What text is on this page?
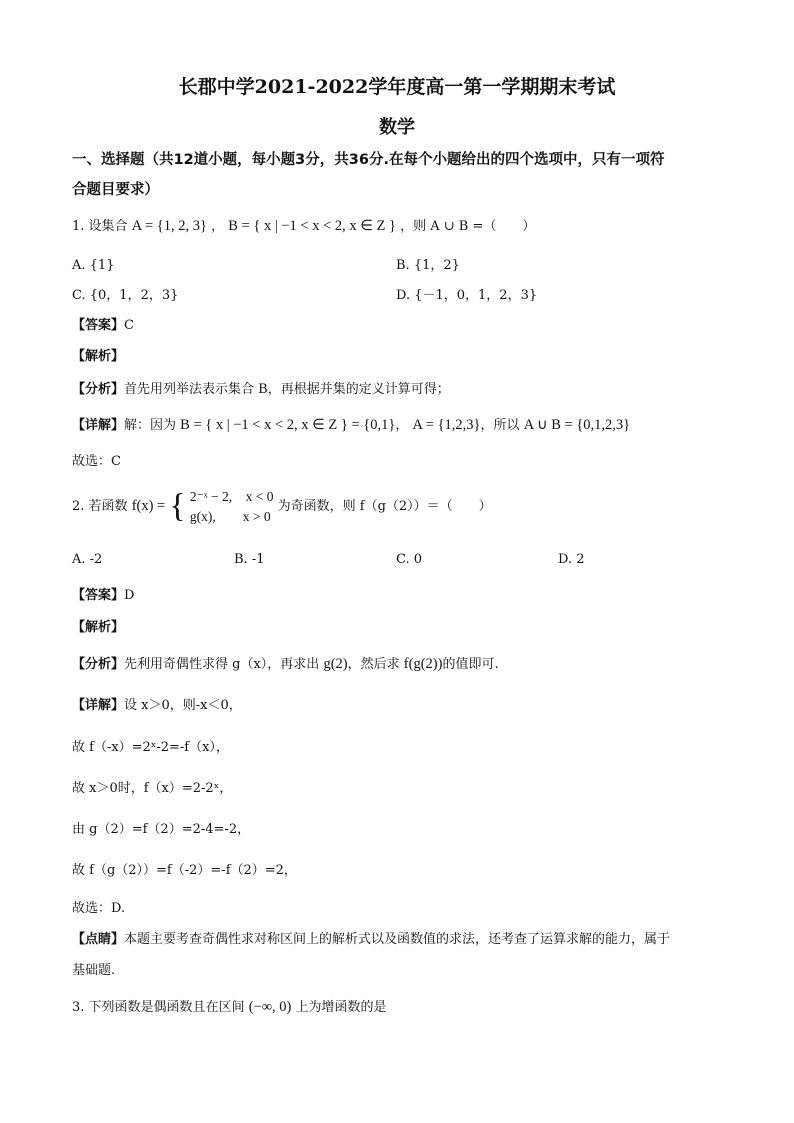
长郡中学2021-2022学年度高一第一学期期末考试
数学
一、选择题（共12道小题，每小题3分，共36分.在每个小题给出的四个选项中，只有一项符
合题目要求）
1. 设集合 A = {1, 2, 3} ， B = { x | −1 < x < 2, x ∈ Z } ，则 A ∪ B =（　　）
A. {1}	B. {1，2}
C. {0，1，2，3}	D. {－1，0，1，2，3}
【答案】C
【解析】
【分析】首先用列举法表示集合 B，再根据并集的定义计算可得；
【详解】解：因为 B = { x | −1 < x < 2, x ∈ Z } = {0,1}， A = {1,2,3}，所以 A ∪ B = {0,1,2,3}
故选：C
2. 若函数 f(x) = { 2⁻ˣ − 2,　x < 0
g(x),　　x > 0
为奇函数，则 f（g（2））＝（　　）
A. -2	B. -1	C. 0	D. 2
【答案】D
【解析】
【分析】先利用奇偶性求得 g（x），再求出 g(2)，然后求 f(g(2))的值即可.
【详解】设 x＞0，则-x＜0，
故 f（-x）=2ˣ-2=-f（x），
故 x＞0时，f（x）=2-2ˣ，
由 g（2）=f（2）=2-4=-2，
故 f（g（2））=f（-2）=-f（2）=2，
故选：D.
【点睛】本题主要考查奇偶性求对称区间上的解析式以及函数值的求法，还考查了运算求解的能力，属于
基础题.
3. 下列函数是偶函数且在区间 (−∞, 0) 上为增函数的是
